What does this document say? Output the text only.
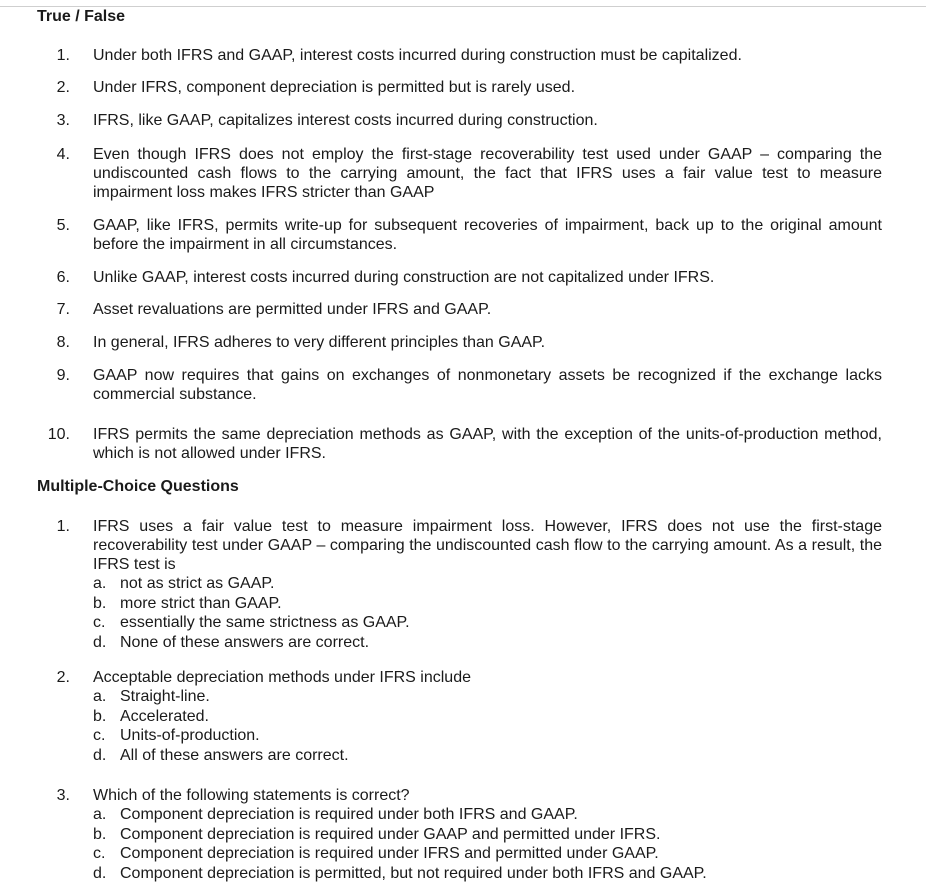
True / False
1. Under both IFRS and GAAP, interest costs incurred during construction must be capitalized.
2. Under IFRS, component depreciation is permitted but is rarely used.
3. IFRS, like GAAP, capitalizes interest costs incurred during construction.
4. Even though IFRS does not employ the first-stage recoverability test used under GAAP – comparing the undiscounted cash flows to the carrying amount, the fact that IFRS uses a fair value test to measure impairment loss makes IFRS stricter than GAAP
5. GAAP, like IFRS, permits write-up for subsequent recoveries of impairment, back up to the original amount before the impairment in all circumstances.
6. Unlike GAAP, interest costs incurred during construction are not capitalized under IFRS.
7. Asset revaluations are permitted under IFRS and GAAP.
8. In general, IFRS adheres to very different principles than GAAP.
9. GAAP now requires that gains on exchanges of nonmonetary assets be recognized if the exchange lacks commercial substance.
10. IFRS permits the same depreciation methods as GAAP, with the exception of the units-of-production method, which is not allowed under IFRS.
Multiple-Choice Questions
1. IFRS uses a fair value test to measure impairment loss. However, IFRS does not use the first-stage recoverability test under GAAP – comparing the undiscounted cash flow to the carrying amount. As a result, the IFRS test is
a. not as strict as GAAP.
b. more strict than GAAP.
c. essentially the same strictness as GAAP.
d. None of these answers are correct.
2. Acceptable depreciation methods under IFRS include
a. Straight-line.
b. Accelerated.
c. Units-of-production.
d. All of these answers are correct.
3. Which of the following statements is correct?
a. Component depreciation is required under both IFRS and GAAP.
b. Component depreciation is required under GAAP and permitted under IFRS.
c. Component depreciation is required under IFRS and permitted under GAAP.
d. Component depreciation is permitted, but not required under both IFRS and GAAP.
